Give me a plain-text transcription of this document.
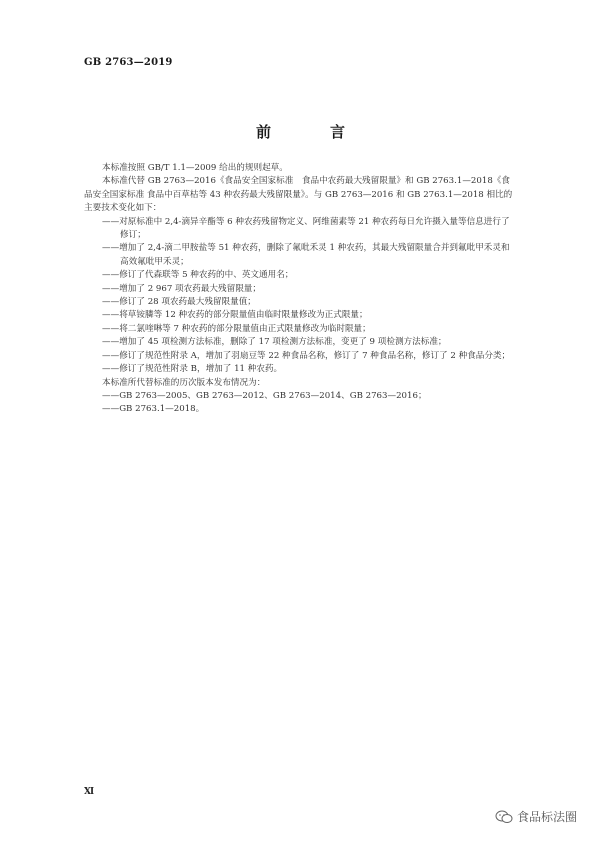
GB 2763—2019
前　言

本标准按照 GB/T 1.1—2009 给出的规则起草。

本标准代替 GB 2763—2016《食品安全国家标准　食品中农药最大残留限量》和 GB 2763.1—2018《食品安全国家标准 食品中百草枯等 43 种农药最大残留限量》。与 GB 2763—2016 和 GB 2763.1—2018 相比的主要技术变化如下：

——对原标准中 2,4-滴异辛酯等 6 种农药残留物定义、阿维菌素等 21 种农药每日允许摄入量等信息进行了修订；

——增加了 2,4-滴二甲胺盐等 51 种农药，删除了氟吡禾灵 1 种农药，其最大残留限量合并到氟吡甲禾灵和高效氟吡甲禾灵；

——修订了代森联等 5 种农药的中、英文通用名；

——增加了 2 967 项农药最大残留限量；

——修订了 28 项农药最大残留限量值；

——将草铵膦等 12 种农药的部分限量值由临时限量修改为正式限量；

——将二氯喹啉等 7 种农药的部分限量值由正式限量修改为临时限量；

——增加了 45 项检测方法标准，删除了 17 项检测方法标准，变更了 9 项检测方法标准；

——修订了规范性附录 A，增加了羽扇豆等 22 种食品名称，修订了 7 种食品名称，修订了 2 种食品分类；

——修订了规范性附录 B，增加了 11 种农药。

本标准所代替标准的历次版本发布情况为：

——GB 2763—2005、GB 2763—2012、GB 2763—2014、GB 2763—2016；

——GB 2763.1—2018。

Ⅺ
食品标法圈
